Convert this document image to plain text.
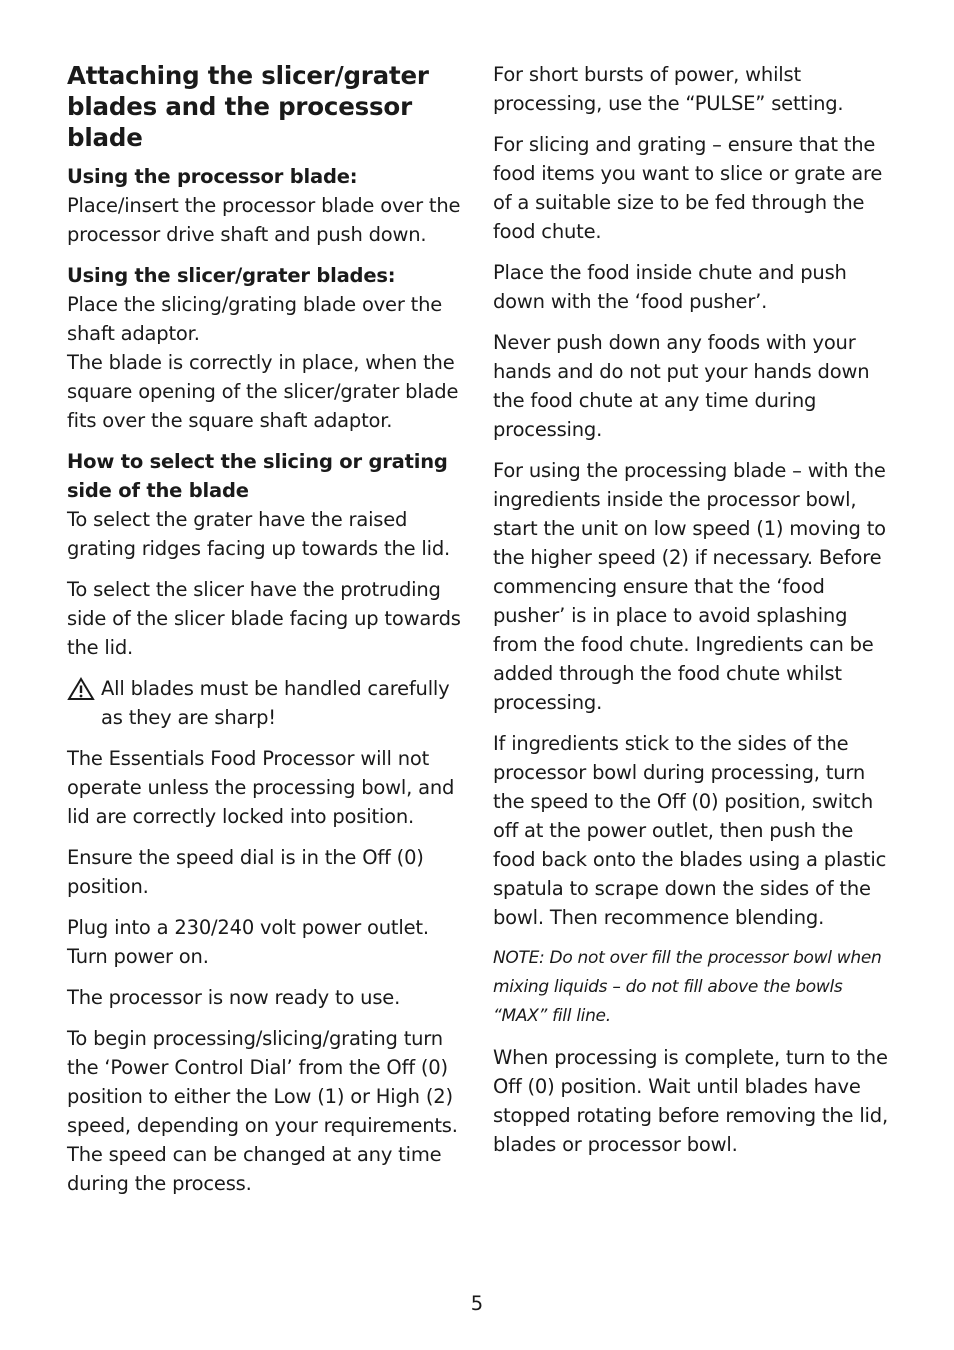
Attaching the slicer/grater blades and the processor blade

Using the processor blade:
Place/insert the processor blade over the processor drive shaft and push down.

Using the slicer/grater blades:
Place the slicing/grating blade over the shaft adaptor.

The blade is correctly in place, when the square opening of the slicer/grater blade fits over the square shaft adaptor.

How to select the slicing or grating side of the blade
To select the grater have the raised grating ridges facing up towards the lid.

To select the slicer have the protruding side of the slicer blade facing up towards the lid.

All blades must be handled carefully as they are sharp!

The Essentials Food Processor will not operate unless the processing bowl, and lid are correctly locked into position.

Ensure the speed dial is in the Off (0) position.

Plug into a 230/240 volt power outlet. Turn power on.

The processor is now ready to use.

To begin processing/slicing/grating turn the ‘Power Control Dial’ from the Off (0) position to either the Low (1) or High (2) speed, depending on your requirements. The speed can be changed at any time during the process.

For short bursts of power, whilst processing, use the “PULSE” setting.

For slicing and grating – ensure that the food items you want to slice or grate are of a suitable size to be fed through the food chute.

Place the food inside chute and push down with the ‘food pusher’.

Never push down any foods with your hands and do not put your hands down the food chute at any time during processing.

For using the processing blade – with the ingredients inside the processor bowl, start the unit on low speed (1) moving to the higher speed (2) if necessary. Before commencing ensure that the ‘food pusher’ is in place to avoid splashing from the food chute. Ingredients can be added through the food chute whilst processing.

If ingredients stick to the sides of the processor bowl during processing, turn the speed to the Off (0) position, switch off at the power outlet, then push the food back onto the blades using a plastic spatula to scrape down the sides of the bowl. Then recommence blending.

NOTE: Do not over fill the processor bowl when mixing liquids – do not fill above the bowls “MAX” fill line.

When processing is complete, turn to the Off (0) position. Wait until blades have stopped rotating before removing the lid, blades or processor bowl.

5
